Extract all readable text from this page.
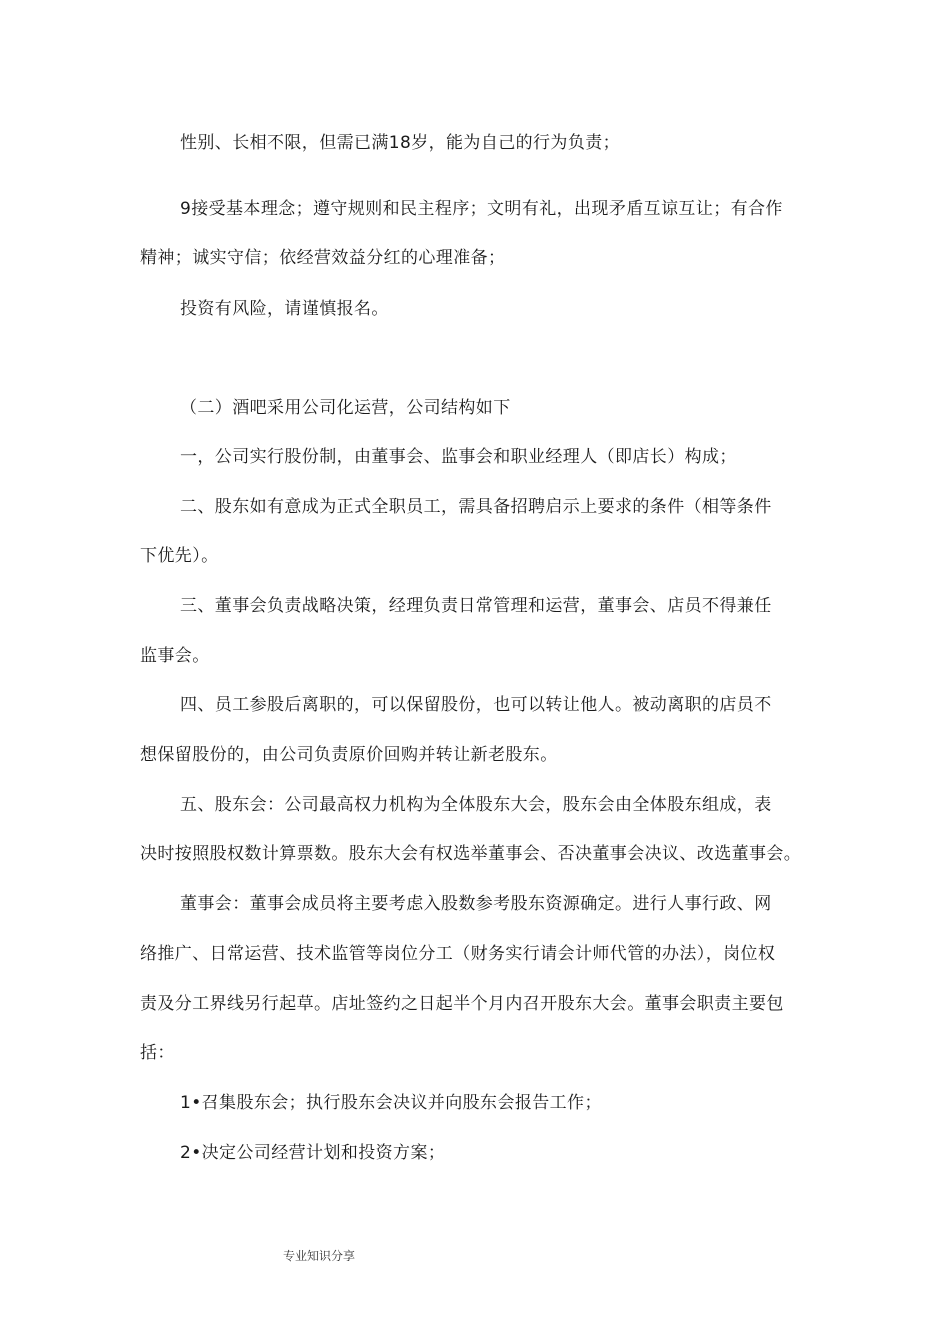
性别、长相不限，但需已满18岁，能为自己的行为负责；
9接受基本理念；遵守规则和民主程序；文明有礼，出现矛盾互谅互让；有合作
精神；诚实守信；依经营效益分红的心理准备；
投资有风险，请谨慎报名。
（二）酒吧采用公司化运营，公司结构如下
一，公司实行股份制，由董事会、监事会和职业经理人（即店长）构成；
二、股东如有意成为正式全职员工，需具备招聘启示上要求的条件（相等条件
下优先）。
三、董事会负责战略决策，经理负责日常管理和运营，董事会、店员不得兼任
监事会。
四、员工参股后离职的，可以保留股份，也可以转让他人。被动离职的店员不
想保留股份的，由公司负责原价回购并转让新老股东。
五、股东会：公司最高权力机构为全体股东大会，股东会由全体股东组成，表
决时按照股权数计算票数。股东大会有权选举董事会、否决董事会决议、改选董事会。
董事会：董事会成员将主要考虑入股数参考股东资源确定。进行人事行政、网
络推广、日常运营、技术监管等岗位分工（财务实行请会计师代管的办法），岗位权
责及分工界线另行起草。店址签约之日起半个月内召开股东大会。董事会职责主要包
括：
1•召集股东会；执行股东会决议并向股东会报告工作；
2•决定公司经营计划和投资方案；
专业知识分享
